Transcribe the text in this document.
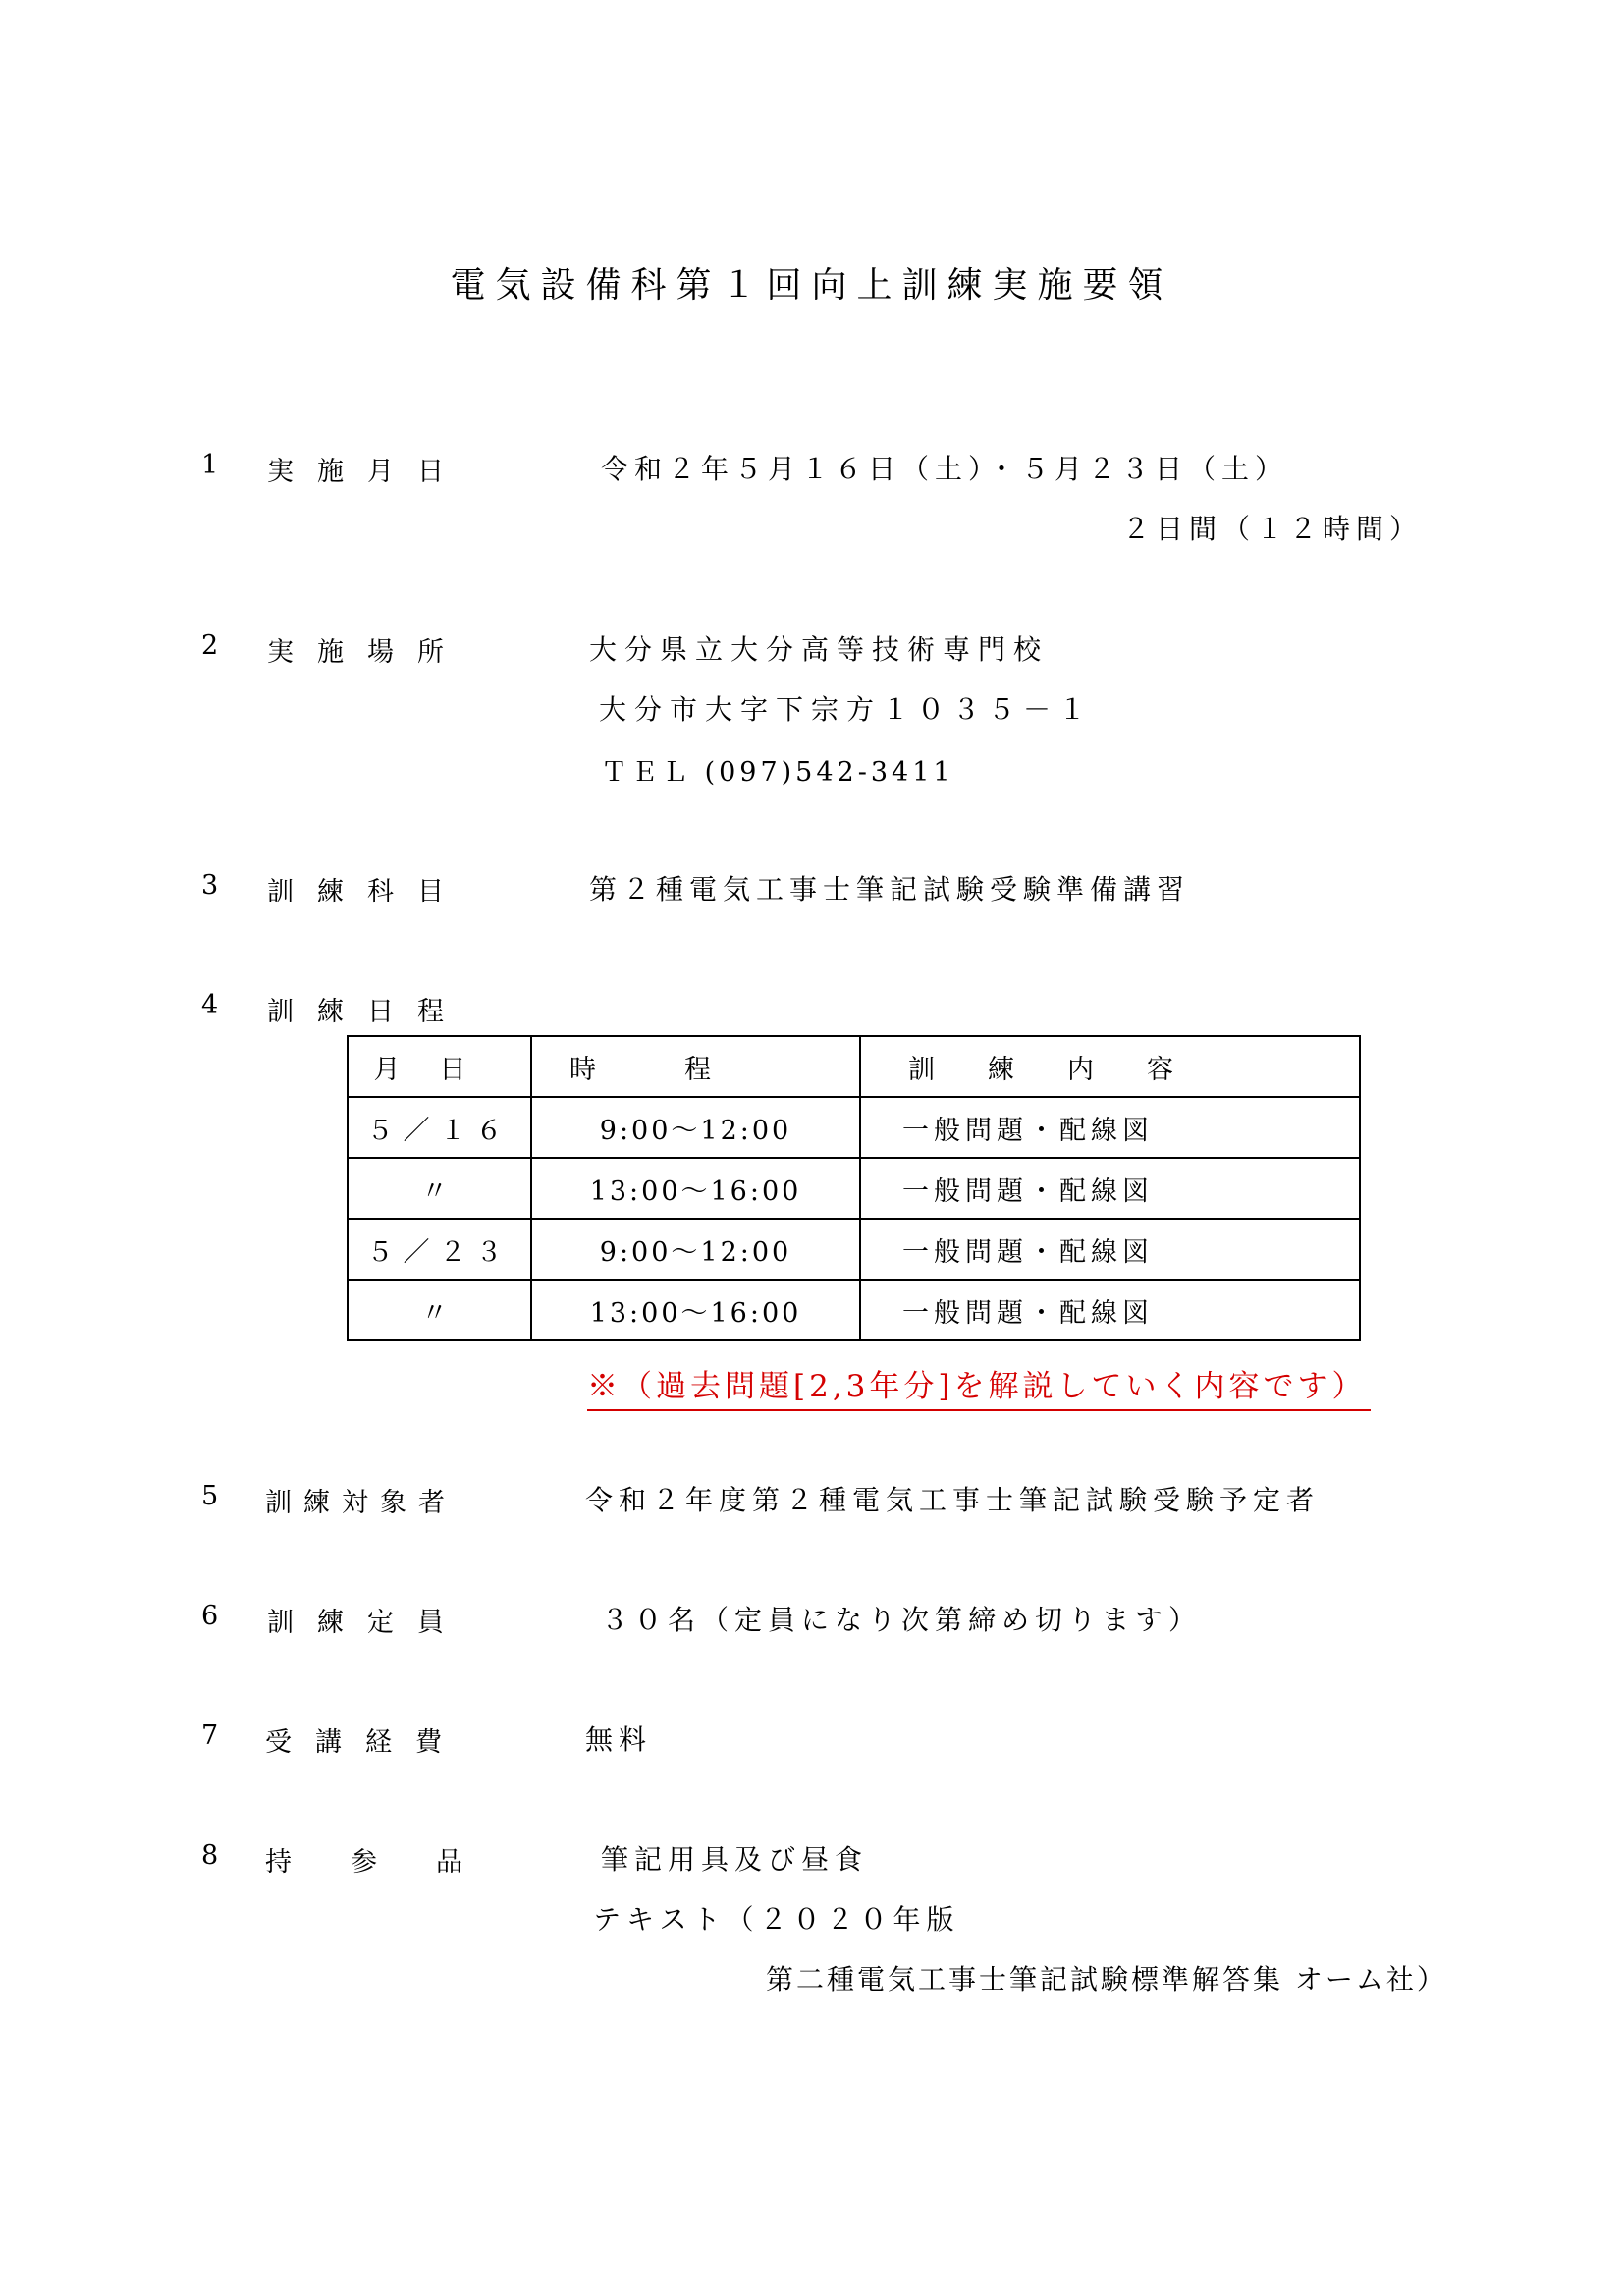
電気設備科第１回向上訓練実施要領
1 実施月日	令和２年５月１６日（土）・５月２３日（土）
２日間（１２時間）
2 実施場所	大分県立大分高等技術専門校
大分市大字下宗方１０３５－１
ＴＥＬ (097)542-3411
3 訓練科目	第２種電気工事士筆記試験受験準備講習
4 訓練日程
月日	時程	訓練内容
５／１６	9:00～12:00	一般問題・配線図
〃	13:00～16:00	一般問題・配線図
５／２３	9:00～12:00	一般問題・配線図
〃	13:00～16:00	一般問題・配線図
※（過去問題[2,3年分]を解説していく内容です）
5 訓練対象者	令和２年度第２種電気工事士筆記試験受験予定者
6 訓練定員	３０名（定員になり次第締め切ります）
7 受講経費	無料
8 持参品	筆記用具及び昼食
テキスト（２０２０年版
第二種電気工事士筆記試験標準解答集 オーム社）
